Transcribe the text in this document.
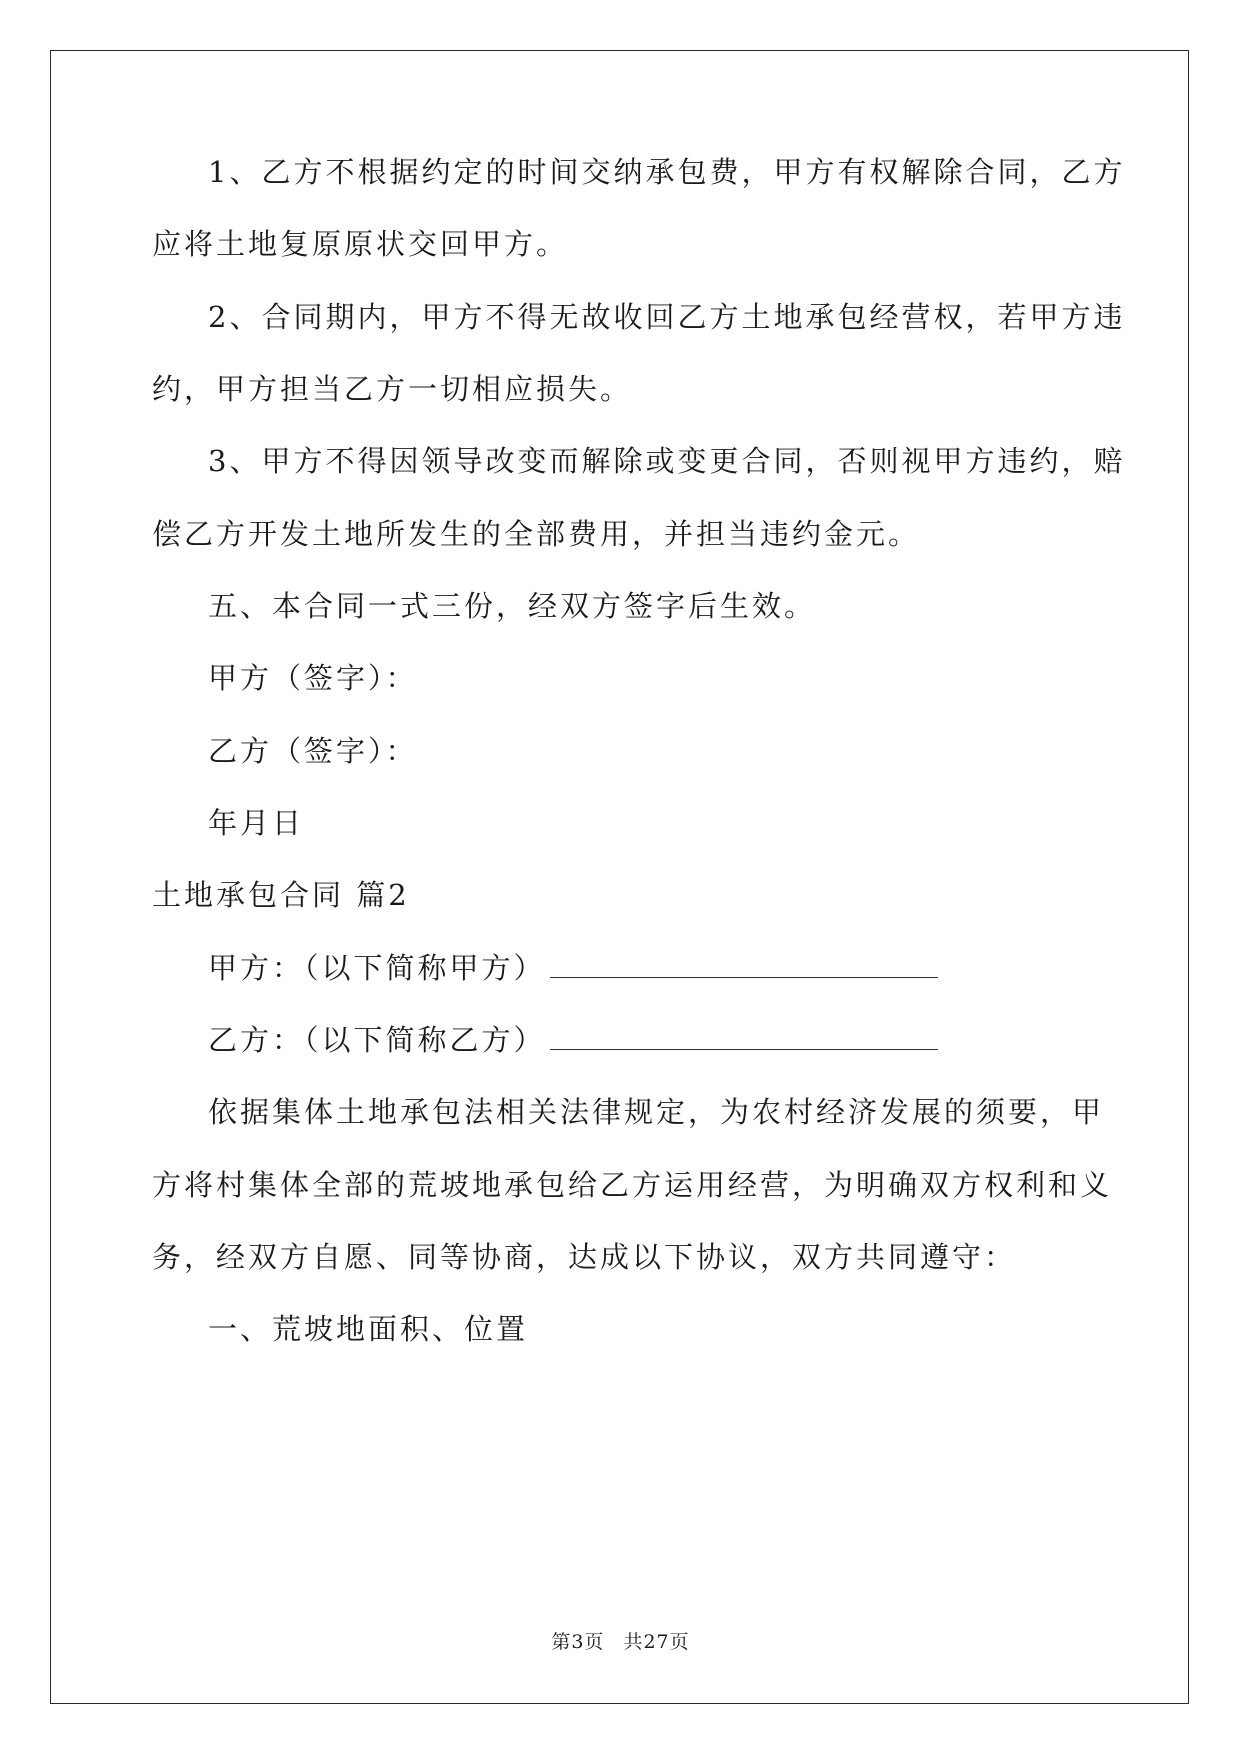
1、乙方不根据约定的时间交纳承包费，甲方有权解除合同，乙方
应将土地复原原状交回甲方。
2、合同期内，甲方不得无故收回乙方土地承包经营权，若甲方违
约，甲方担当乙方一切相应损失。
3、甲方不得因领导改变而解除或变更合同，否则视甲方违约，赔
偿乙方开发土地所发生的全部费用，并担当违约金元。
五、本合同一式三份，经双方签字后生效。
甲方（签字）：
乙方（签字）：
年月日
土地承包合同 篇2
甲方：（以下简称甲方）
乙方：（以下简称乙方）
依据集体土地承包法相关法律规定，为农村经济发展的须要，甲
方将村集体全部的荒坡地承包给乙方运用经营，为明确双方权利和义
务，经双方自愿、同等协商，达成以下协议，双方共同遵守：
一、荒坡地面积、位置
第3页 共27页
